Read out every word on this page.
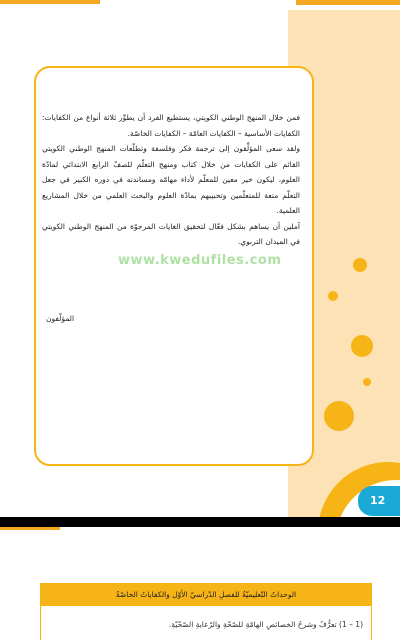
فمن خلال المنهج الوطني الكويتي، يستطيع الفرد أن يطوِّر ثلاثة أنواع من الكفايات: الكفايات الأساسية – الكفايات العامّة – الكفايات الخاصّة.

ولقد سعى المؤلِّفون إلى ترجمة فكر وفلسفة وتطلّعات المنهج الوطني الكويتي القائم على الكفايات من خلال كتاب ومنهج التعلّم للصفّ الرابع الابتدائي لمادّة العلوم، ليكون خير معين للمعلّم لأداء مهامّه ومساندته في دوره الكبير في جعل التعلّم متعة للمتعلّمين وتحبيبهم بمادّة العلوم والبحث العلمي من خلال المشاريع العلمية.

آملين أن يساهم بشكل فعّال لتحقيق الغايات المرجوّة من المنهج الوطني الكويتي في الميدان التربوي.

www.kwedufiles.com
المؤلّفون
12
الوحداتُ التّعليميّةُ للفصلِ الدّراسيّ الأوّل والكفاياتُ الخاصّةُ
(1 – 1) تعرُّفُ وشرحُ الخصائصِ الهامّةِ للصّحّةِ والرّعايةِ الصّحّيّةِ.
